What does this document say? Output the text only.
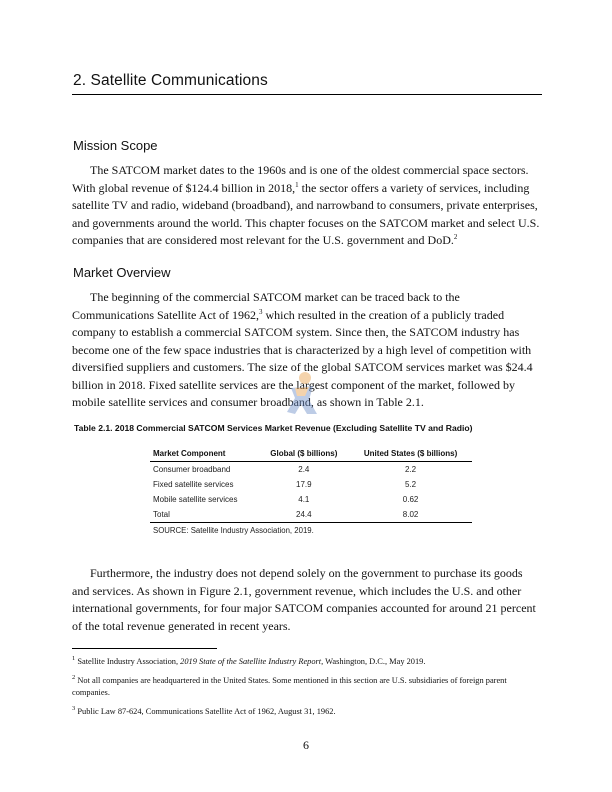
2. Satellite Communications
Mission Scope

The SATCOM market dates to the 1960s and is one of the oldest commercial space sectors. With global revenue of $124.4 billion in 2018,$^1$ the sector offers a variety of services, including satellite TV and radio, wideband (broadband), and narrowband to consumers, private enterprises, and governments around the world. This chapter focuses on the SATCOM market and select U.S. companies that are considered most relevant for the U.S. government and DoD.$^2$

Market Overview

The beginning of the commercial SATCOM market can be traced back to the Communications Satellite Act of 1962,$^3$ which resulted in the creation of a publicly traded company to establish a commercial SATCOM system. Since then, the SATCOM industry has become one of the few space industries that is characterized by a high level of competition with diversified suppliers and customers. The size of the global SATCOM services market was $24.4 billion in 2018. Fixed satellite services are the largest component of the market, followed by mobile satellite services and consumer broadband, as shown in Table 2.1.

Table 2.1. 2018 Commercial SATCOM Services Market Revenue (Excluding Satellite TV and Radio)

Market Component	Global ($ billions)	United States ($ billions)
Consumer broadband	2.4	2.2
Fixed satellite services	17.9	5.2
Mobile satellite services	4.1	0.62
Total	24.4	8.02
SOURCE: Satellite Industry Association, 2019.		

Furthermore, the industry does not depend solely on the government to purchase its goods and services. As shown in Figure 2.1, government revenue, which includes the U.S. and other international governments, for four major SATCOM companies accounted for around 21 percent of the total revenue generated in recent years.

$^1$ Satellite Industry Association, 2019 State of the Satellite Industry Report, Washington, D.C., May 2019.

$^2$ Not all companies are headquartered in the United States. Some mentioned in this section are U.S. subsidiaries of foreign parent companies.

$^3$ Public Law 87-624, Communications Satellite Act of 1962, August 31, 1962.

6
